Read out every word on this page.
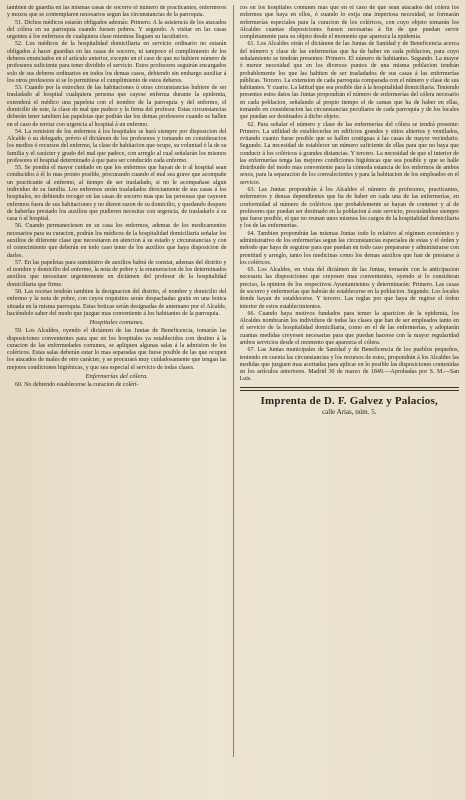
tambien de guardia en las mismas casas de socorro el número de practicantes, enfermeros y mozos que se contemplaren necesarios segun las circunstancias de la parroquia.

51. Dichos médicos estarán obligados además: Primero. A la asistencia de los atacados del cólera en su parroquia cuando fuesen pobres. Y segundo. A visitar en las casas urgentes á los enfermos de cualquiera clase mientras lleguen su facultativo.

52. Los médicos de la hospitalidad domiciliaria en servicio ordinario no estarán obligados á hacer guardias en las casas de socorro, ni tampoco el cumplimiento de los deberes enunciados en el artículo anterior, excepto en el caso de que no hubiere número de profesores suficiente para tener dividido el servicio. Estos profesores seguirán encargados solo de sus deberes ordinarios en todos los demas casos, debiendo sin embargo auxiliar á los otros profesores si se lo permitiese el cumplimiento de estos deberes.

53. Cuando por la estrechez de las habitaciones ú otras circunstancias hubiere de ser trasladado al hospital cualquiera persona que cayese enferma durante la epidemia, extenderá el médico una papeleta con el nombre de la parroquia y del enfermo, el domicilio de este, la clase de mal que padece y la firma del profesor. Estas circunstancias deberán tener tambien las papeletas que podrán dar los demas profesores cuando se hallen en el caso de enviar con urgencia al hospital á un enfermo.

54. La remision de los enfermos á los hospitales se hará siempre por disposicion del Alcalde ó su delegado, prévio el dictámen de los profesores y tomando en consideracion los medios ó recursos del enfermo, la clase de habitacion que ocupe, su voluntad ó la de su familia y el carácter y grado del mal que padece, con arreglo al cual señalarán los mismos profesores el hospital determinado á que para ser conducido cada enfermo.

55. Se pondrá el mayor cuidado en que los enfermos que hayan de ir al hospital sean conducidos á él lo mas pronto posible, procurando cuando el mal sea grave que acompañe un practicante al enfermo, al tiempo de ser trasladado, si no le acompañase algun individuo de su familia. Los enfermos serán trasladados directamente de sus casas á los hospitales, no debiendo recoger en las casas de socorro mas que las personas que cayesen enfermos fuera de sus habitaciones y no dieren razon de su domicilio, y quedando despues de haberlas prestado los auxilios que pudieren necesitar con urgencia, de trasladarlo á su casa ó al hospital.

56. Cuando permaneciesen en su casa los enfermos, ademas de los medicamentos necesarios para su curacion, podrán los médicos de la hospitalidad domiciliaria señalar los auxilios de diferente clase que necesitaren en atencion á su estado y circunstancias y con el conocimiento que deberán en todo caso tener de los auxilios que haya disposicion de darles.

57. En las papeletas para suministro de auxilios habrá de constar, ademas del distrito y el nombre y domicilio del enfermo, la nota de pobre y la enumeracion de los determinados auxilios que necesitare urgentemente en dictámen del profesor de la hospitalidad domiciliaria que firme.

58. Las recetas tendrán tambien la designacion del distrito, el nombre y domicilio del enfermo y la nota de pobre, con cuyos requisitos serán despachadas gratis en una botica situada en la misma parroquia. Estas boticas serán designadas de antemano por el Alcalde, haciéndolo saber del modo que juzgue mas conveniente á los habitantes de la parroquia.

Hospitales comunes.

59. Los Alcaldes, oyendo el dictámen de las Juntas de Beneficencia, tomarán las disposiciones convenientes para que en los hospitales ya establecidos con destino á la curacion de las enfermedades comunes, se apliquen algunas salas á la admision de los coléricos. Estas salas deberán estar lo mas separadas que fuese posible de las que ocupen los atacados de males de otro carácter, y se procurará muy cuidadosamente que tengan las mejores condiciones higiénicas, y que sea especial el servicio de todas clases.

Enfermerías del cólera.

60. No debiendo establecerse la curacion de colérí-

cos en los hospitales comunes mas que en el caso de que sean atacados del cólera los enfermos que haya en ellos, ó cuando lo exija una imperiosa necesidad, se formarán enfermerías especiales para la curacion de los coléricos, con cuyo objeto tomarán los Alcaldes cuantas disposiciones fuesen necesarias á fin de que puedan servir completamente para su objeto desde el momento que aparezca la epidemia.

61. Los Alcaldes oirán el dictámen de las Juntas de Sanidad y de Beneficencia acerca del número y clase de las enfermerías que ha de haber en cada poblacion, para cuyo señalamiento se tendrán presentes: Primero. El número de habitantes. Segundo. La mayor ó menor necesidad que en los diversos puntos de una misma poblacion tendrán probablemente los que las habiten de ser trasladados de sus casas á las enfermerías públicas. Tercero. La extension de cada parroquia comparada con el número y clase de sus habitantes. Y cuarto. La latitud que sea posible dar á la hospitalidad domiciliaria. Teniendo presentes estos datos las Juntas propondrán el número de enfermerías del cólera necesario en cada poblacion, señalando al propio tiempo el de camas que ha de haber en ellas, tomando en consideracion las circunstancias peculiares de cada parroquia y de los locales que puedan ser destinados á dicho objeto.

62. Para señalar el número y clase de las enfermerías del cólera se tendrá presente: Primero. La utilidad de establecerlas en edificios grandes y sitios abiertos y ventilados, evitando cuanto fuese posible que se hallen contiguas á las casas de mayor vecindario. Segundo. La necesidad de establecer un número suficiente de ellas para que no haya que conducir á los coléricos á grandes distancias. Y tercero. La necesidad de que el interior de las enfermerías tenga las mejores condiciones higiénicas que sea posible y que se halle distribuido del modo mas conveniente para la cómoda estancia de los enfermos de ambos sexos, para la separacion de los convalecientes y para la habitacion de los empleados en el servicio.

63. Las Juntas propondrán á los Alcaldes el número de profesores, practicantes, enfermeros y demas dependientes que ha de haber en cada una de las enfermerías, en conformidad al número de coléricos que probablemente se hayan de contener y al de profesores que puedan ser destinado en la poblacion á este servicio, procurándose siempre que fuese posible, el que no reunan unos mismos los cargos de la hospitalidad domiciliaria y los de las enfermerías.

64. Tambien propondrán las mismas Juntas todo lo relativo al régimen económico y administrativo de los enfermerías segun las circunstancias especiales de estas y el órden y método que haya de seguirse para que puedan en todo caso prepararse y administrarse con prontitud y arreglo, tanto los medicinas como los demas auxilios que han de prestarse á los coléricos.

65. Los Alcaldes, en vista del dictámen de las Juntas, tomarán con la anticipacion necesaria las disposiciones que creyesen mas convenientes, oyendo si lo consideran preciso, la opinion de los respectivos Ayuntamientos y determinarán: Primero. Las casas de socorro y enfermerías que habrán de establecerse en la poblacion. Segundo. Los locales donde hayan de establecerse. Y tercero. Las reglas por que haya de regirse el órden interior de estos establecimientos.

66. Cuando haya motivos fundados para temer la aparicion de la epidemia, los Alcaldes nombrarán los individuos de todas las clases que han de ser empleados tanto en el servicio de la hospitalidad domiciliaria, como en el de las enfermerías, y adoptarán cuantas medidas creyesen necesarias para que puedan hacerse con la mayor regularidad ambos servicios desde el momento que aparezca el cólera.

67. Las Juntas municipales de Sanidad y de Beneficencia de los pueblos pequeños, teniendo en cuenta las circunstancias y los recursos de estos, propondrán á los Alcaldes las medidas que juzguen mas acertadas para aplicar en lo posible las disposiciones contenidas en los artículos anteriores. Madrid 30 de marzo de 1849.—Aprobadas por S. M.—San Luis.

Imprenta de D. F. Galvez y Palacios,
calle Arias, núm. 5.
